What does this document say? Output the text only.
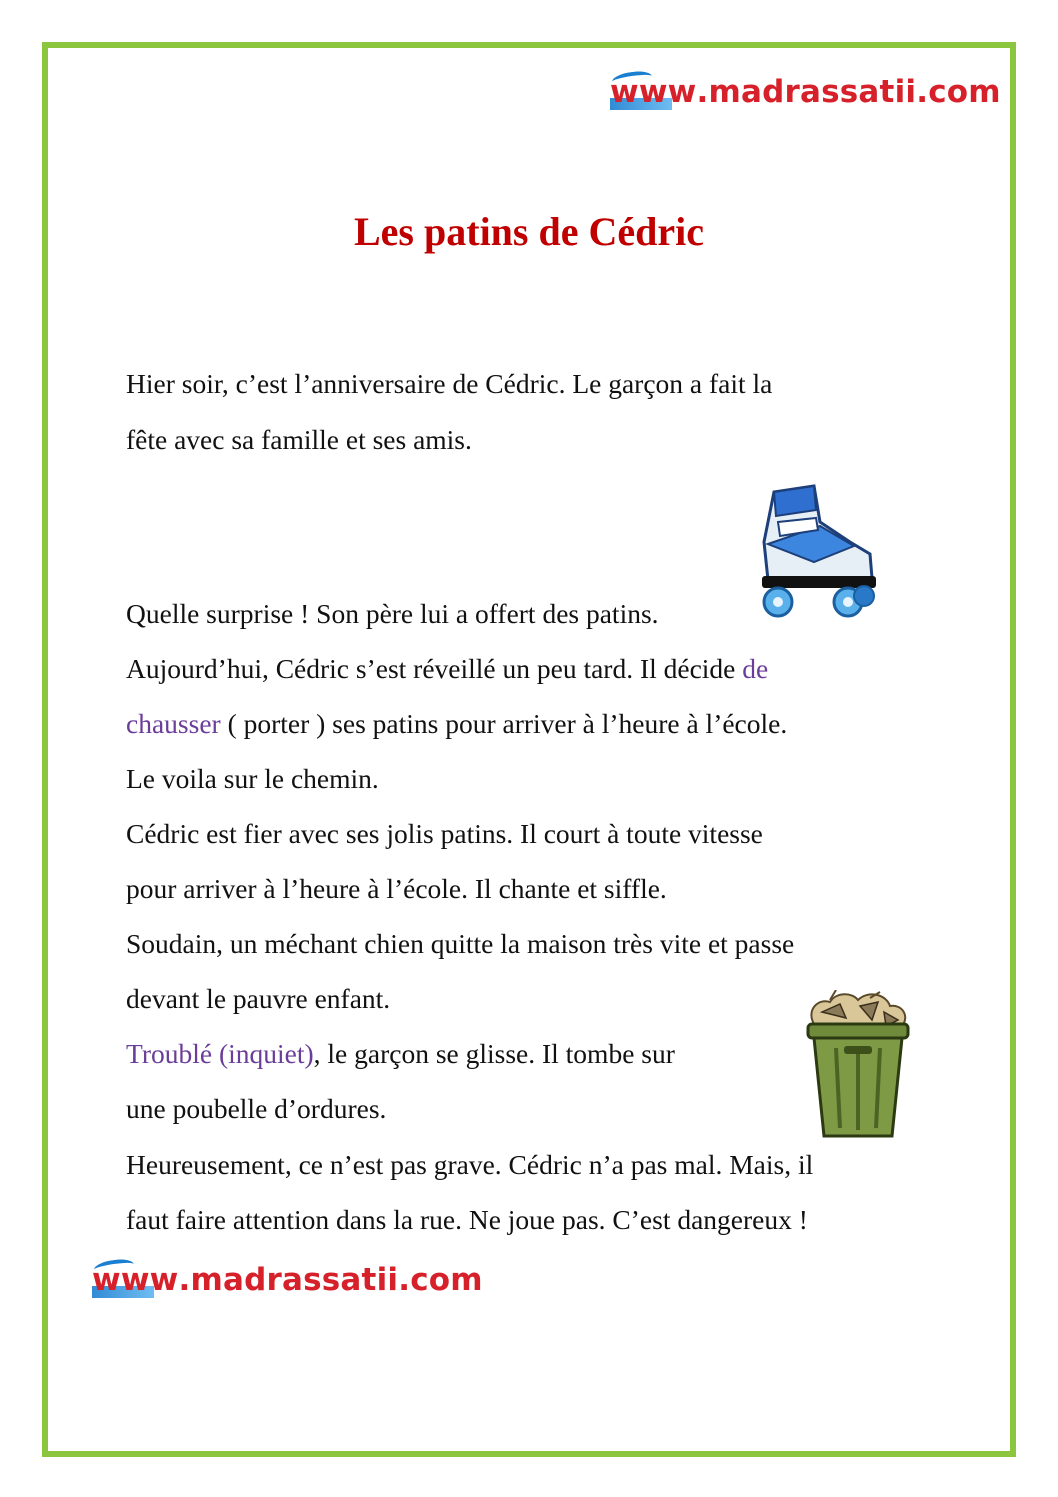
www .madrassatii.com
Les patins de Cédric

Hier soir, c’est l’anniversaire de Cédric. Le garçon a fait la

fête avec sa famille et ses amis.

Quelle surprise ! Son père lui a offert des patins.

Aujourd’hui, Cédric s’est réveillé un peu tard. Il décide de

chausser ( porter ) ses patins pour arriver à l’heure à l’école.

Le voila sur le chemin.

Cédric est fier avec ses jolis patins. Il court à toute vitesse

pour arriver à l’heure à l’école. Il chante et siffle.

Soudain, un méchant chien quitte la maison très vite et passe

devant le pauvre enfant.

Troublé (inquiet), le garçon se glisse. Il tombe sur

une poubelle d’ordures.

Heureusement, ce n’est pas grave. Cédric n’a pas mal. Mais, il

faut faire attention dans la rue. Ne joue pas. C’est dangereux !

www .madrassatii.com
